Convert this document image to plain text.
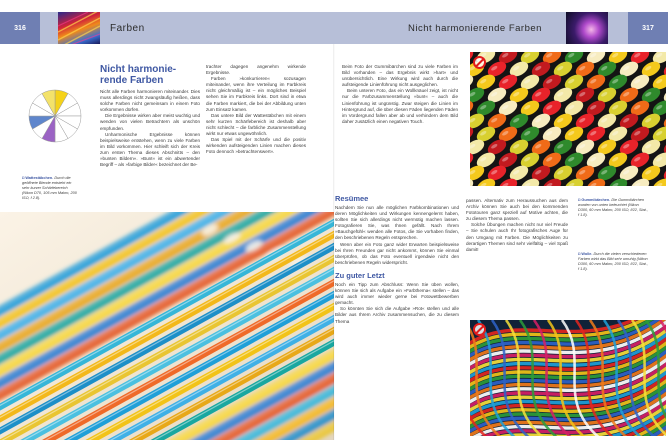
316	Farben
◘ Wattestäbchen. Durch die geöffnete Blende entsteht ein sehr kurzer Schärfebereich (Nikon D70, 105 mm Makro, 200 ISO, f 2.8).
Nicht harmonie-
rende Farben

Nicht alle Farben harmonieren miteinander. Dies muss allerdings nicht zwangsläufig heißen, dass solche Farben nicht gemeinsam in einem Foto vorkommen dürfen.

Die Ergebnisse wirken aber meist wuchtig und wenden von vielen Betrachtern als unschön empfunden.

Unharmonische Ergebnisse können beispielsweise entstehen, wenn zu viele Farben im Bild vorkommen. Hier schleift sich der Kreis zum ersten Thema dieses Abschnitts – den »bunten Bildern«. »Bunt« ist ein abwertender Begriff – als »farbige Bilder« bezeichnet der Be-

trachter dagegen angenehm wirkende Ergebnisse.

Farben »konkurrieren« sozusagen miteinander, wenn ihre Verteilung im Farbkreis nicht gleichmäßig ist – ein mögliches Beispiel sehen Sie im Farbkreis links. Dort sind in etwa die Farben markiert, die bei der Abbildung unten zum Einsatz kamen.

Das untere Bild der Wattestäbchen mit einem sehr kurzen Schärfebereich ist deshalb aber nicht schlecht – die farbliche Zusammenstellung wirkt nur etwas ungewöhnlich.

Das Spiel mit der Schärfe und die positiv wirkenden aufsteigenden Linien machen dieses Foto dennoch »betrachtenswert«.

Nicht harmonierende Farben	317

Beim Foto der Gummibärchen sind zu viele Farben im Bild vorhanden – das Ergebnis wirkt »hart« und unübersichtlich. Eine Wirkung wird auch durch die aufsteigende Linienführung nicht ausgeglichen.

Beim unteren Foto, das ein Wollknäuel zeigt, ist nicht nur die Farbzusammenstellung »bunt« – auch die Linienführung ist ungünstig. Zwar steigen die Linien im Hintergrund auf, die über diesen Fäden liegenden Fäden im Vordergrund fallen aber ab und verhindern dem Bild daher zusätzlich einen negativen Touch.

Resümee

Nachdem Sie nun alle möglichen Farbkombinationen und deren Möglichkeiten und Wirkungen kennengelernt haben, sollten Sie sich allerdings nicht wermütig machen lassen. Fotografieren Sie, was Ihnen gefällt. Nach Ihrem »Bauchgefühl« wenden alle Fotos, die Sie vorhaben finden, den beschriebenen Regeln entsprechen.

Wenn aber ein Foto ganz wider Erwarten beispielsweise bei Ihren Freunden gar nicht ankommt, können Sie einmal überprüfen, ob das Foto eventuell irgendwie nicht den beschriebenen Regeln widerspricht.

Zu guter Letzt

Noch ein Tipp zum Abschluss: Wenn Sie üben wollen, können Sie sich als Aufgabe ein »Farbthema« stellen – das wird auch immer wieder gerne bei Fotowettbewerben gemacht.

So könnten Sie sich die Aufgabe »Rot« stellen und alle Bilder aus Ihrem Archiv zusammensuchen, die zu diesem Thema

passen. Alternativ zum Heraussuchen aus dem Archiv können Sie auch bei den kommenden Fototouren ganz speziell auf Motive achten, die zu diesem Thema passen.

Solche Übungen machen nicht nur viel Freude – Sie schulen auch Ihr fotografisches Auge für den Umgang mit Farben. Die Möglichkeiten zu derartigen Themen sind sehr vielfältig – viel Spaß damit!

◘ Gummibärchen. Die Gummibärchen wurden von unten beleuchtet (Nikon D300, 60 mm Makro, 200 ISO, f/22, Stat., f 1.8).
◘ Wolle. Durch die vielen verschiedenen Farben wirkt das Bild sehr unruhig (Nikon D300, 60 mm Makro, 200 ISO, f/22, Stat., f 1.8).
